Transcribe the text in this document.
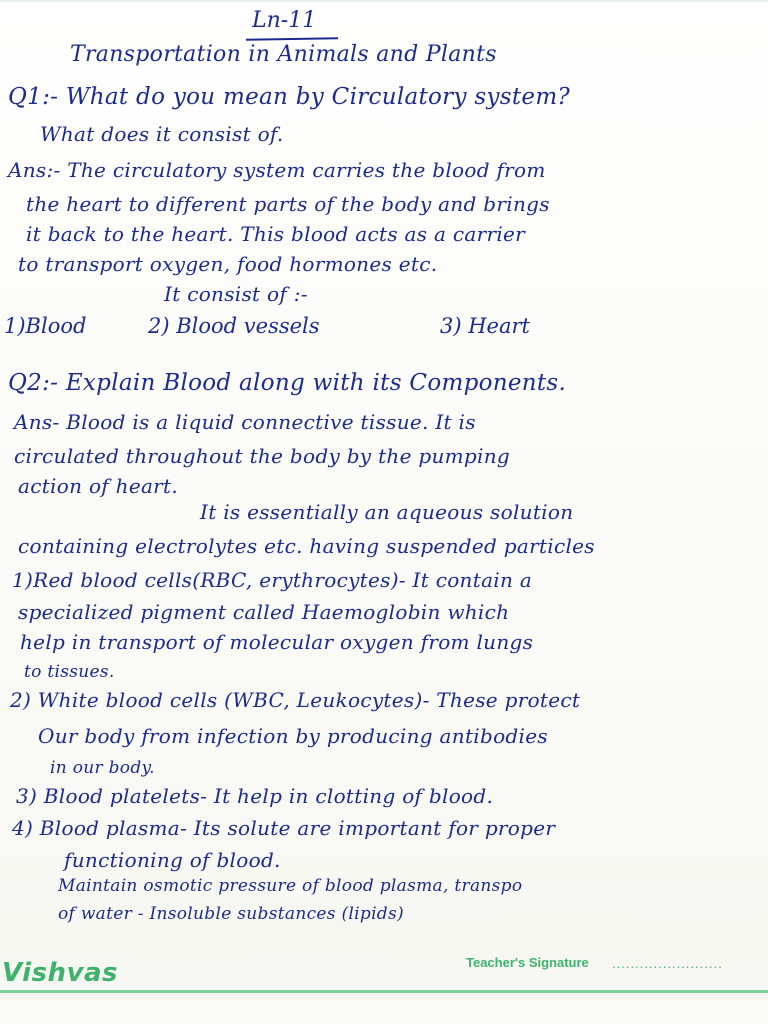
Ln-11
Transportation in Animals and Plants
Q1:- What do you mean by Circulatory system?
What does it consist of.
Ans:- The circulatory system carries the blood from
the heart to different parts of the body and brings
it back to the heart. This blood acts as a carrier
to transport oxygen, food hormones etc.
It consist of :-
1)Blood	2) Blood vessels	3) Heart
Q2:- Explain Blood along with its Components.
Ans- Blood is a liquid connective tissue. It is
circulated throughout the body by the pumping
action of heart.
It is essentially an aqueous solution
containing electrolytes etc. having suspended particles
1)Red blood cells(RBC, erythrocytes)- It contain a
specialized pigment called Haemoglobin which
help in transport of molecular oxygen from lungs
to tissues.
2) White blood cells (WBC, Leukocytes)- These protect
Our body from infection by producing antibodies
in our body.
3) Blood platelets- It help in clotting of blood.
4) Blood plasma- Its solute are important for proper
functioning of blood.
Maintain osmotic pressure of blood plasma, transpo
of water - Insoluble substances (lipids)
Vishvas	Teacher's Signature ........................
